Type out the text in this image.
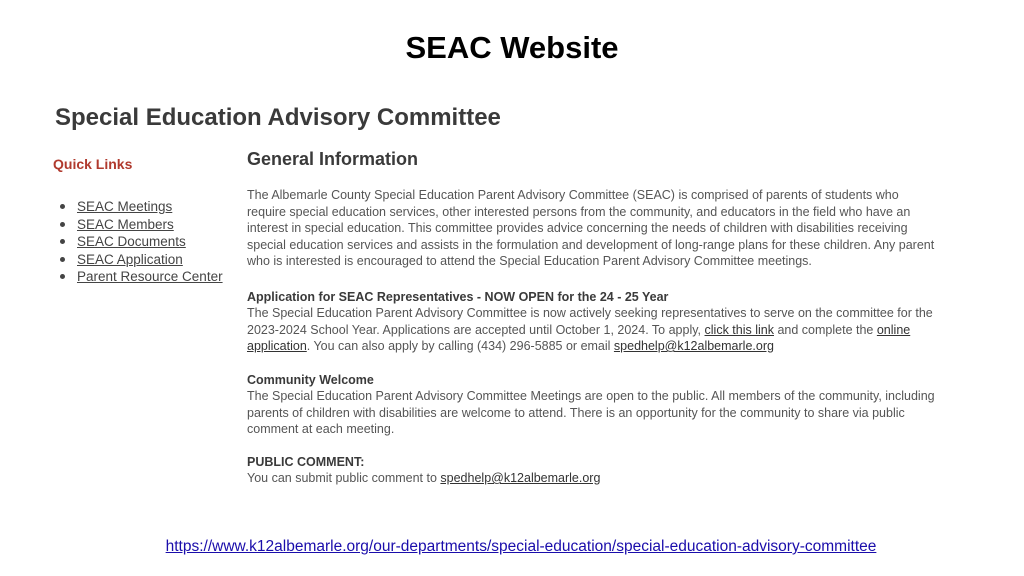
SEAC Website
Special Education Advisory Committee
Quick Links
SEAC Meetings
SEAC Members
SEAC Documents
SEAC Application
Parent Resource Center
General Information

The Albemarle County Special Education Parent Advisory Committee (SEAC) is comprised of parents of students who require special education services, other interested persons from the community, and educators in the field who have an interest in special education. This committee provides advice concerning the needs of children with disabilities receiving special education services and assists in the formulation and development of long-range plans for these children. Any parent who is interested is encouraged to attend the Special Education Parent Advisory Committee meetings.

Application for SEAC Representatives - NOW OPEN for the 24 - 25 Year
The Special Education Parent Advisory Committee is now actively seeking representatives to serve on the committee for the 2023-2024 School Year. Applications are accepted until October 1, 2024. To apply, click this link and complete the online application. You can also apply by calling (434) 296-5885 or email spedhelp@k12albemarle.org

Community Welcome
The Special Education Parent Advisory Committee Meetings are open to the public. All members of the community, including parents of children with disabilities are welcome to attend. There is an opportunity for the community to share via public comment at each meeting.

PUBLIC COMMENT:
You can submit public comment to spedhelp@k12albemarle.org

https://www.k12albemarle.org/our-departments/special-education/special-education-advisory-committee
